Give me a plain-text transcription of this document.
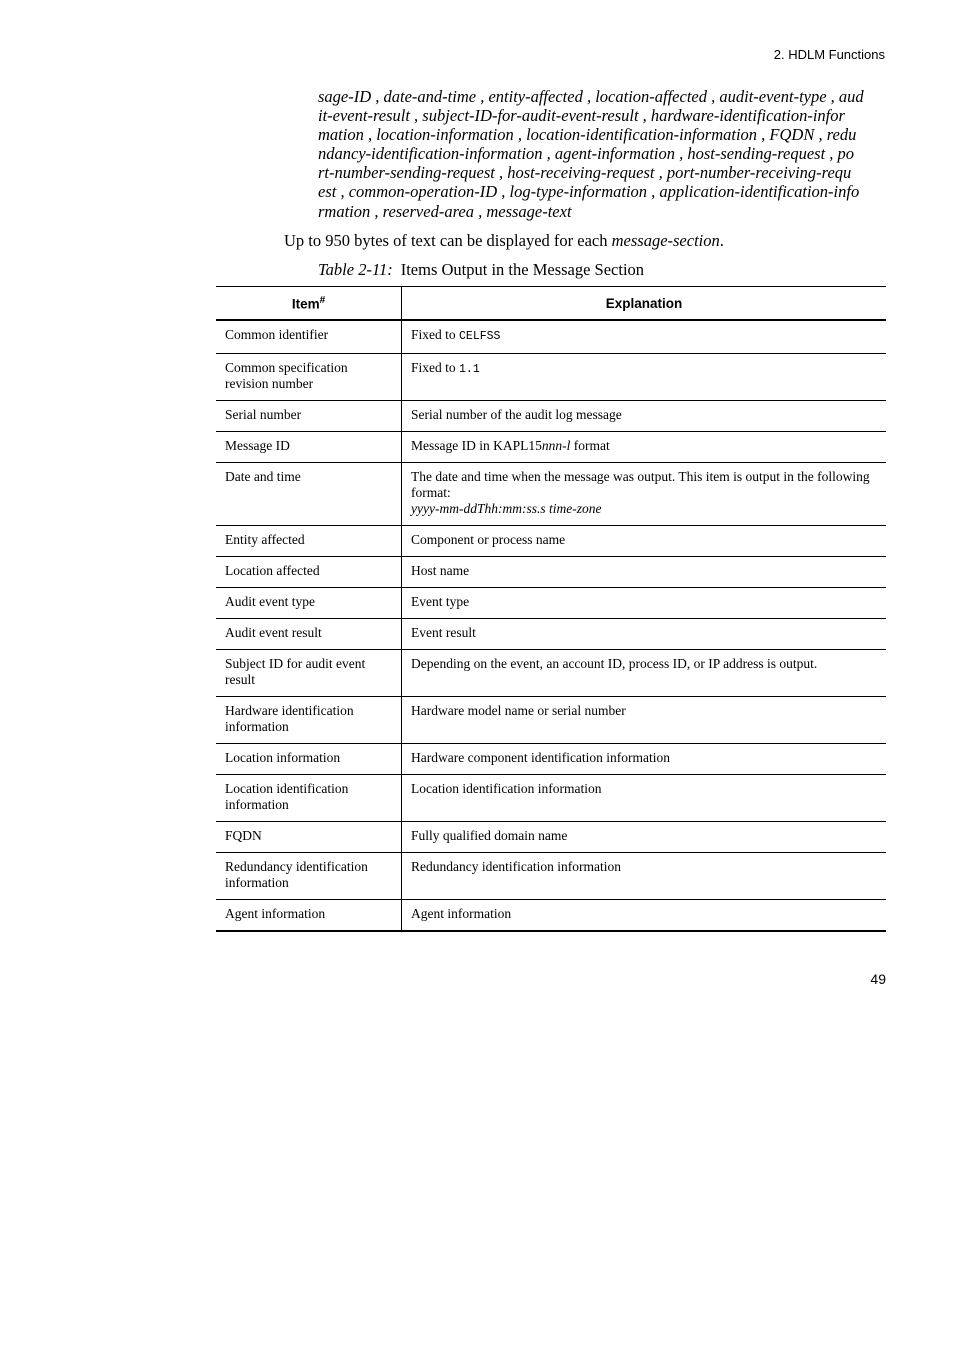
2. HDLM Functions
sage-ID , date-and-time , entity-affected , location-affected , audit-event-type , aud
it-event-result , subject-ID-for-audit-event-result , hardware-identification-infor
mation , location-information , location-identification-information , FQDN , redu
ndancy-identification-information , agent-information , host-sending-request , po
rt-number-sending-request , host-receiving-request , port-number-receiving-requ
est , common-operation-ID , log-type-information , application-identification-info
rmation , reserved-area , message-text
Up to 950 bytes of text can be displayed for each message-section.
Table 2-11: Items Output in the Message Section
Item#	Explanation
Common identifier	Fixed to CELFSS
Common specification revision number	Fixed to 1.1
Serial number	Serial number of the audit log message
Message ID	Message ID in KAPL15nnn-l format
Date and time	The date and time when the message was output. This item is output in the following format:
yyyy-mm-ddThh:mm:ss.s time-zone

Entity affected	Component or process name
Location affected	Host name
Audit event type	Event type
Audit event result	Event result
Subject ID for audit event result	Depending on the event, an account ID, process ID, or IP address is output.
Hardware identification information	Hardware model name or serial number
Location information	Hardware component identification information
Location identification information	Location identification information
FQDN	Fully qualified domain name
Redundancy identification information	Redundancy identification information
Agent information	Agent information
49
